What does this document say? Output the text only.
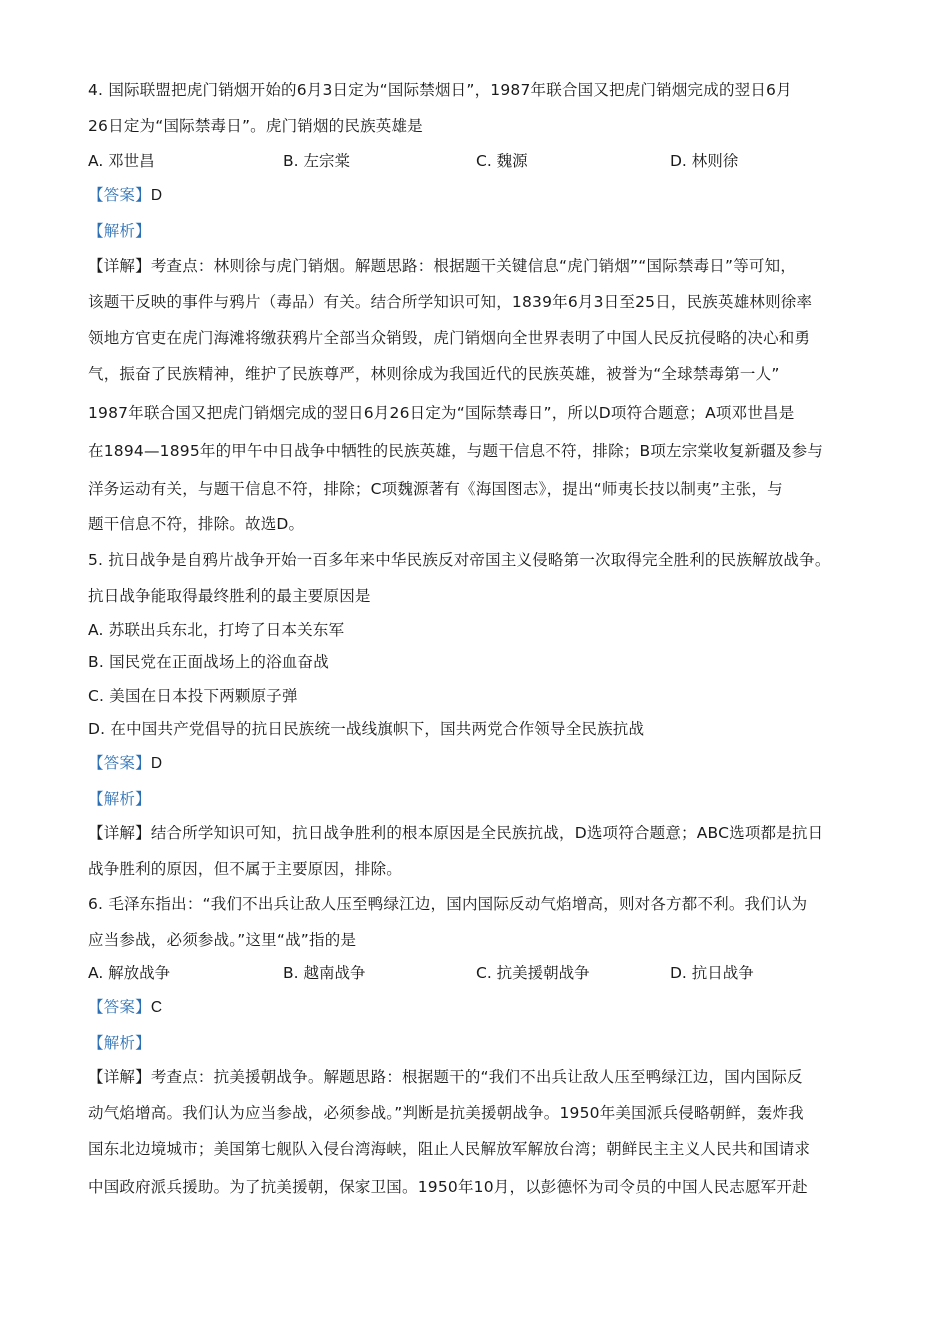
4. 国际联盟把虎门销烟开始的6月3日定为“国际禁烟日”，1987年联合国又把虎门销烟完成的翌日6月
26日定为“国际禁毒日”。虎门销烟的民族英雄是
A. 邓世昌	B. 左宗棠	C. 魏源	D. 林则徐
【答案】D
【解析】
【详解】考查点：林则徐与虎门销烟。解题思路：根据题干关键信息“虎门销烟”“国际禁毒日”等可知，
该题干反映的事件与鸦片（毒品）有关。结合所学知识可知，1839年6月3日至25日，民族英雄林则徐率
领地方官吏在虎门海滩将缴获鸦片全部当众销毁，虎门销烟向全世界表明了中国人民反抗侵略的决心和勇
气，振奋了民族精神，维护了民族尊严，林则徐成为我国近代的民族英雄，被誉为“全球禁毒第一人”
1987年联合国又把虎门销烟完成的翌日6月26日定为“国际禁毒日”，所以D项符合题意；A项邓世昌是
在1894—1895年的甲午中日战争中牺牲的民族英雄，与题干信息不符，排除；B项左宗棠收复新疆及参与
洋务运动有关，与题干信息不符，排除；C项魏源著有《海国图志》，提出“师夷长技以制夷”主张，与
题干信息不符，排除。故选D。
5. 抗日战争是自鸦片战争开始一百多年来中华民族反对帝国主义侵略第一次取得完全胜利的民族解放战争。
抗日战争能取得最终胜利的最主要原因是
A. 苏联出兵东北，打垮了日本关东军
B. 国民党在正面战场上的浴血奋战
C. 美国在日本投下两颗原子弹
D. 在中国共产党倡导的抗日民族统一战线旗帜下，国共两党合作领导全民族抗战
【答案】D
【解析】
【详解】结合所学知识可知，抗日战争胜利的根本原因是全民族抗战，D选项符合题意；ABC选项都是抗日
战争胜利的原因，但不属于主要原因，排除。
6. 毛泽东指出：“我们不出兵让敌人压至鸭绿江边，国内国际反动气焰增高，则对各方都不利。我们认为
应当参战，必须参战。”这里“战”指的是
A. 解放战争	B. 越南战争	C. 抗美援朝战争	D. 抗日战争
【答案】C
【解析】
【详解】考查点：抗美援朝战争。解题思路：根据题干的“我们不出兵让敌人压至鸭绿江边，国内国际反
动气焰增高。我们认为应当参战，必须参战。”判断是抗美援朝战争。1950年美国派兵侵略朝鲜，轰炸我
国东北边境城市；美国第七舰队入侵台湾海峡，阻止人民解放军解放台湾；朝鲜民主主义人民共和国请求
中国政府派兵援助。为了抗美援朝，保家卫国。1950年10月，以彭德怀为司令员的中国人民志愿军开赴
